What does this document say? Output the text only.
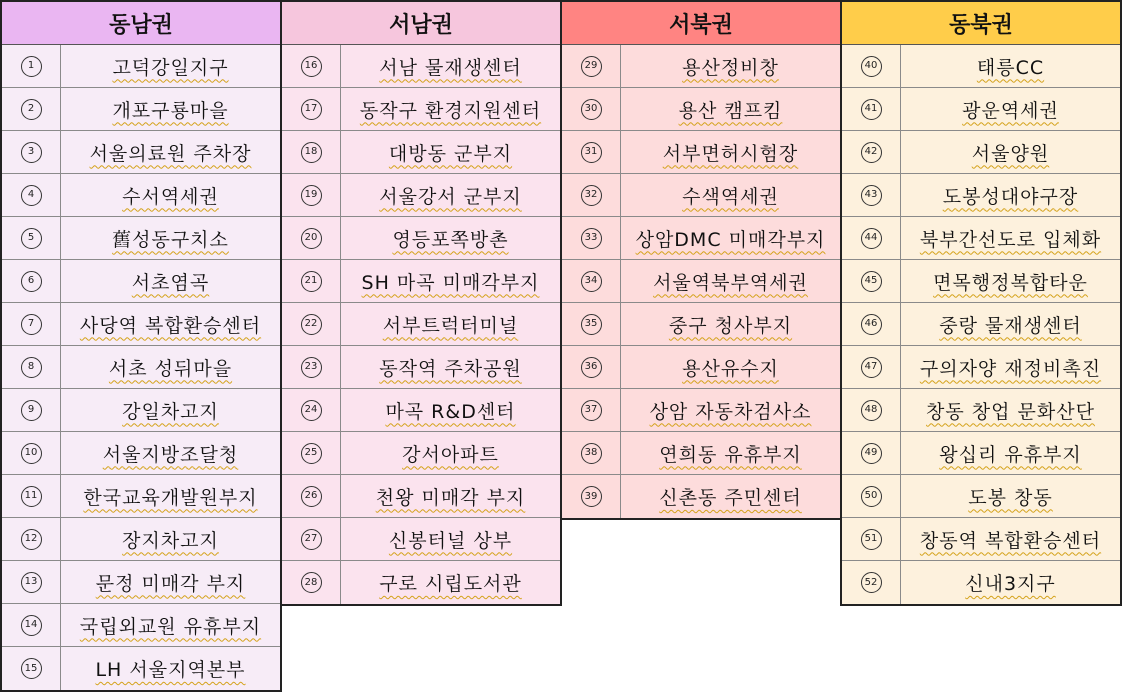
동남권
1	고덕강일지구
2	개포구룡마을
3	서울의료원 주차장
4	수서역세권
5	舊성동구치소
6	서초염곡
7	사당역 복합환승센터
8	서초 성뒤마을
9	강일차고지
10	서울지방조달청
11 한국교육개발원부지
12	장지차고지
13	문정 미매각 부지
14 국립외교원 유휴부지
15	LH 서울지역본부
서남권
16	서남 물재생센터
17 동작구 환경지원센터
18	대방동 군부지
19	서울강서 군부지
20	영등포쪽방촌
21 SH 마곡 미매각부지
22	서부트럭터미널
23	동작역 주차공원
24	마곡 R&D센터
25	강서아파트
26	천왕 미매각 부지
27	신봉터널 상부
28	구로 시립도서관
서북권
29	용산정비창
30	용산 캠프킴
31	서부면허시험장
32	수색역세권
33 상암DMC 미매각부지
34	서울역북부역세권
35	중구 청사부지
36	용산유수지
37	상암 자동차검사소
38	연희동 유휴부지
39	신촌동 주민센터
동북권
40	태릉CC
41	광운역세권
42	서울양원
43	도봉성대야구장
44 북부간선도로 입체화
45	면목행정복합타운
46	중랑 물재생센터
47 구의자양 재정비촉진
48	창동 창업 문화산단
49	왕십리 유휴부지
50	도봉 창동
51 창동역 복합환승센터
52	신내3지구
